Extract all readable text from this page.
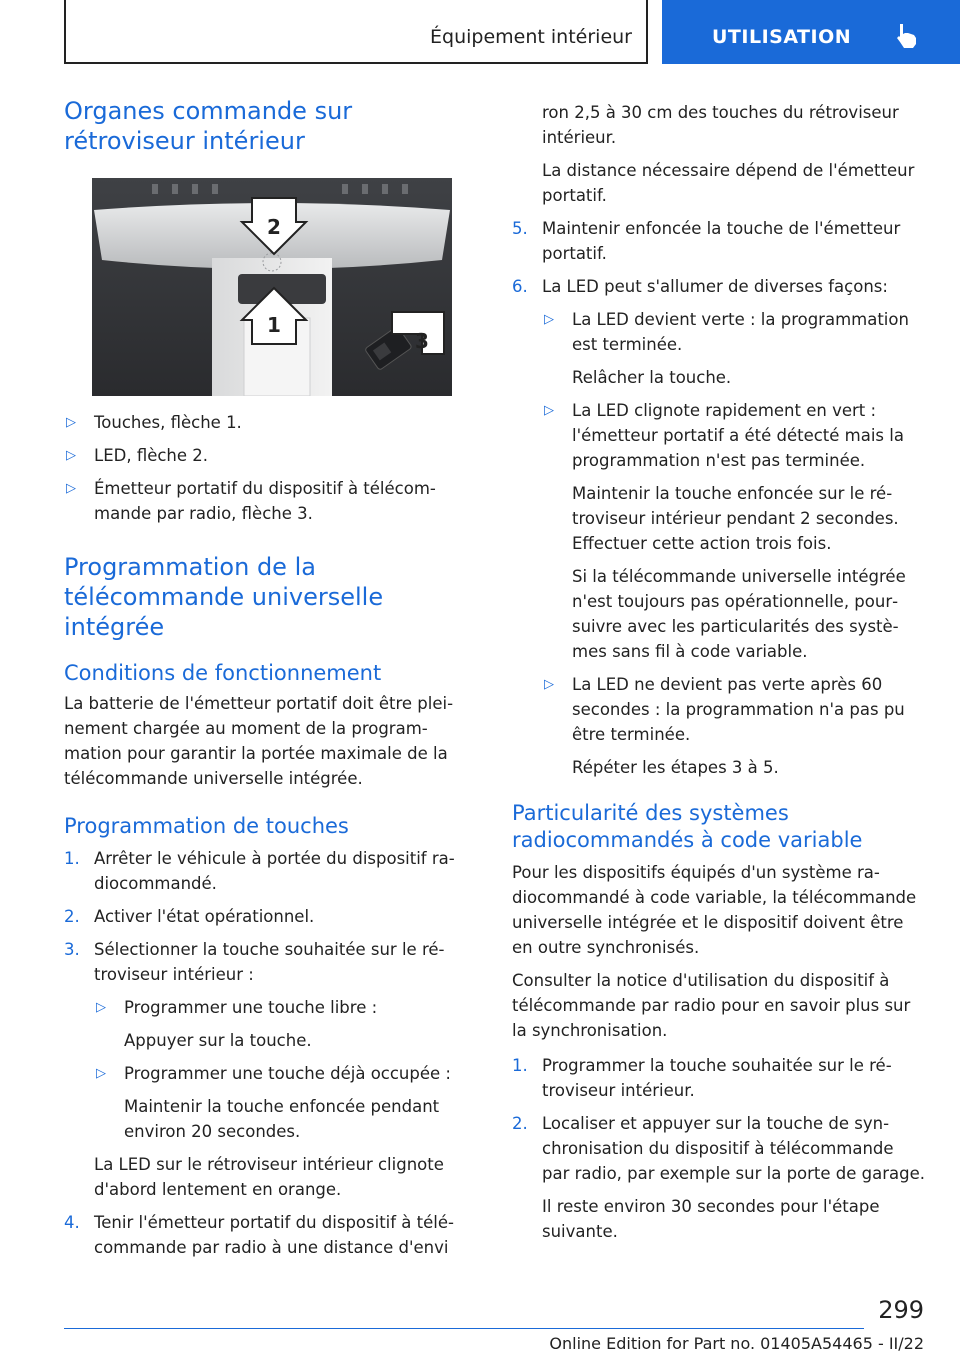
Équipement intérieur	UTILISATION
Organes commande sur rétroviseur intérieur
2
1
3
▷ Touches, flèche 1.
▷ LED, flèche 2.
▷ Émetteur portatif du dispositif à télécommande par radio, flèche 3.
Programmation de la télécommande universelle intégrée
Conditions de fonctionnement

La batterie de l'émetteur portatif doit être pleinement chargée au moment de la programmation pour garantir la portée maximale de la télécommande universelle intégrée.

Programmation de touches
1. Arrêter le véhicule à portée du dispositif radiocommandé.
2. Activer l'état opérationnel.
3. Sélectionner la touche souhaitée sur le rétroviseur intérieur :
▷ Programmer une touche libre :

Appuyer sur la touche.

▷ Programmer une touche déjà occupée :

Maintenir la touche enfoncée pendant environ 20 secondes.

La LED sur le rétroviseur intérieur clignote d'abord lentement en orange.

4. Tenir l'émetteur portatif du dispositif à télécommande par radio à une distance d'envi

ron 2,5 à 30 cm des touches du rétroviseur intérieur.

La distance nécessaire dépend de l'émetteur portatif.

5. Maintenir enfoncée la touche de l'émetteur portatif.
6. La LED peut s'allumer de diverses façons:
▷ La LED devient verte : la programmation est terminée.

Relâcher la touche.

▷ La LED clignote rapidement en vert : l'émetteur portatif a été détecté mais la programmation n'est pas terminée.

Maintenir la touche enfoncée sur le rétroviseur intérieur pendant 2 secondes. Effectuer cette action trois fois.

Si la télécommande universelle intégrée n'est toujours pas opérationnelle, poursuivre avec les particularités des systèmes sans fil à code variable.

▷ La LED ne devient pas verte après 60 secondes : la programmation n'a pas pu être terminée.

Répéter les étapes 3 à 5.

Particularité des systèmes radiocommandés à code variable

Pour les dispositifs équipés d'un système radiocommandé à code variable, la télécommande universelle intégrée et le dispositif doivent être en outre synchronisés.

Consulter la notice d'utilisation du dispositif à télécommande par radio pour en savoir plus sur la synchronisation.

1. Programmer la touche souhaitée sur le rétroviseur intérieur.
2. Localiser et appuyer sur la touche de synchronisation du dispositif à télécommande par radio, par exemple sur la porte de garage.

Il reste environ 30 secondes pour l'étape suivante.

299
Online Edition for Part no. 01405A54465 - II/22
